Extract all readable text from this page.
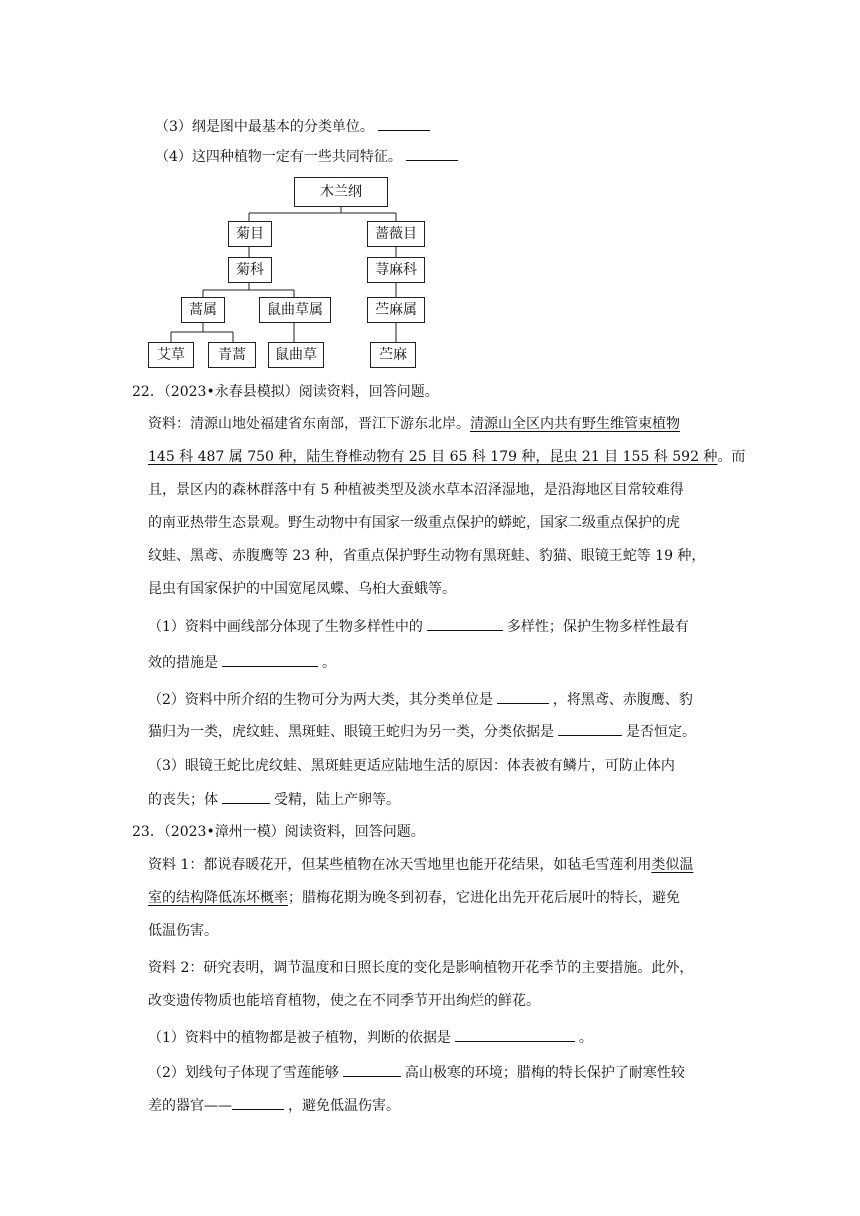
（3）纲是图中最基本的分类单位。
（4）这四种植物一定有一些共同特征。
木兰纲
菊目	蔷薇目
菊科	荨麻科
蒿属	鼠曲草属	苎麻属
艾草	青蒿	鼠曲草	苎麻
22．（2023•永春县模拟）阅读资料，回答问题。
资料：清源山地处福建省东南部，晋江下游东北岸。清源山全区内共有野生维管束植物
145 科 487 属 750 种，陆生脊椎动物有 25 目 65 科 179 种，昆虫 21 目 155 科 592 种。而
且，景区内的森林群落中有 5 种植被类型及淡水草本沼泽湿地，是沿海地区目常较难得
的南亚热带生态景观。野生动物中有国家一级重点保护的蟒蛇，国家二级重点保护的虎
纹蛙、黑鸢、赤腹鹰等 23 种，省重点保护野生动物有黑斑蛙、豹猫、眼镜王蛇等 19 种，
昆虫有国家保护的中国宽尾凤蝶、乌桕大蚕蛾等。
（1）资料中画线部分体现了生物多样性中的	多样性；保护生物多样性最有
效的措施是	。
（2）资料中所介绍的生物可分为两大类，其分类单位是	，将黑鸢、赤腹鹰、豹
猫归为一类，虎纹蛙、黑斑蛙、眼镜王蛇归为另一类，分类依据是	是否恒定。
（3）眼镜王蛇比虎纹蛙、黑斑蛙更适应陆地生活的原因：体表被有鳞片，可防止体内
的丧失；体	受精，陆上产卵等。
23．（2023•漳州一模）阅读资料，回答问题。
资料 1：都说春暖花开，但某些植物在冰天雪地里也能开花结果，如毡毛雪莲利用类似温
室的结构降低冻坏概率；腊梅花期为晚冬到初春，它进化出先开花后展叶的特长，避免
低温伤害。
资料 2：研究表明，调节温度和日照长度的变化是影响植物开花季节的主要措施。此外，
改变遗传物质也能培育植物，使之在不同季节开出绚烂的鲜花。
（1）资料中的植物都是被子植物，判断的依据是	。
（2）划线句子体现了雪莲能够	高山极寒的环境；腊梅的特长保护了耐寒性较
差的器官——	，避免低温伤害。
